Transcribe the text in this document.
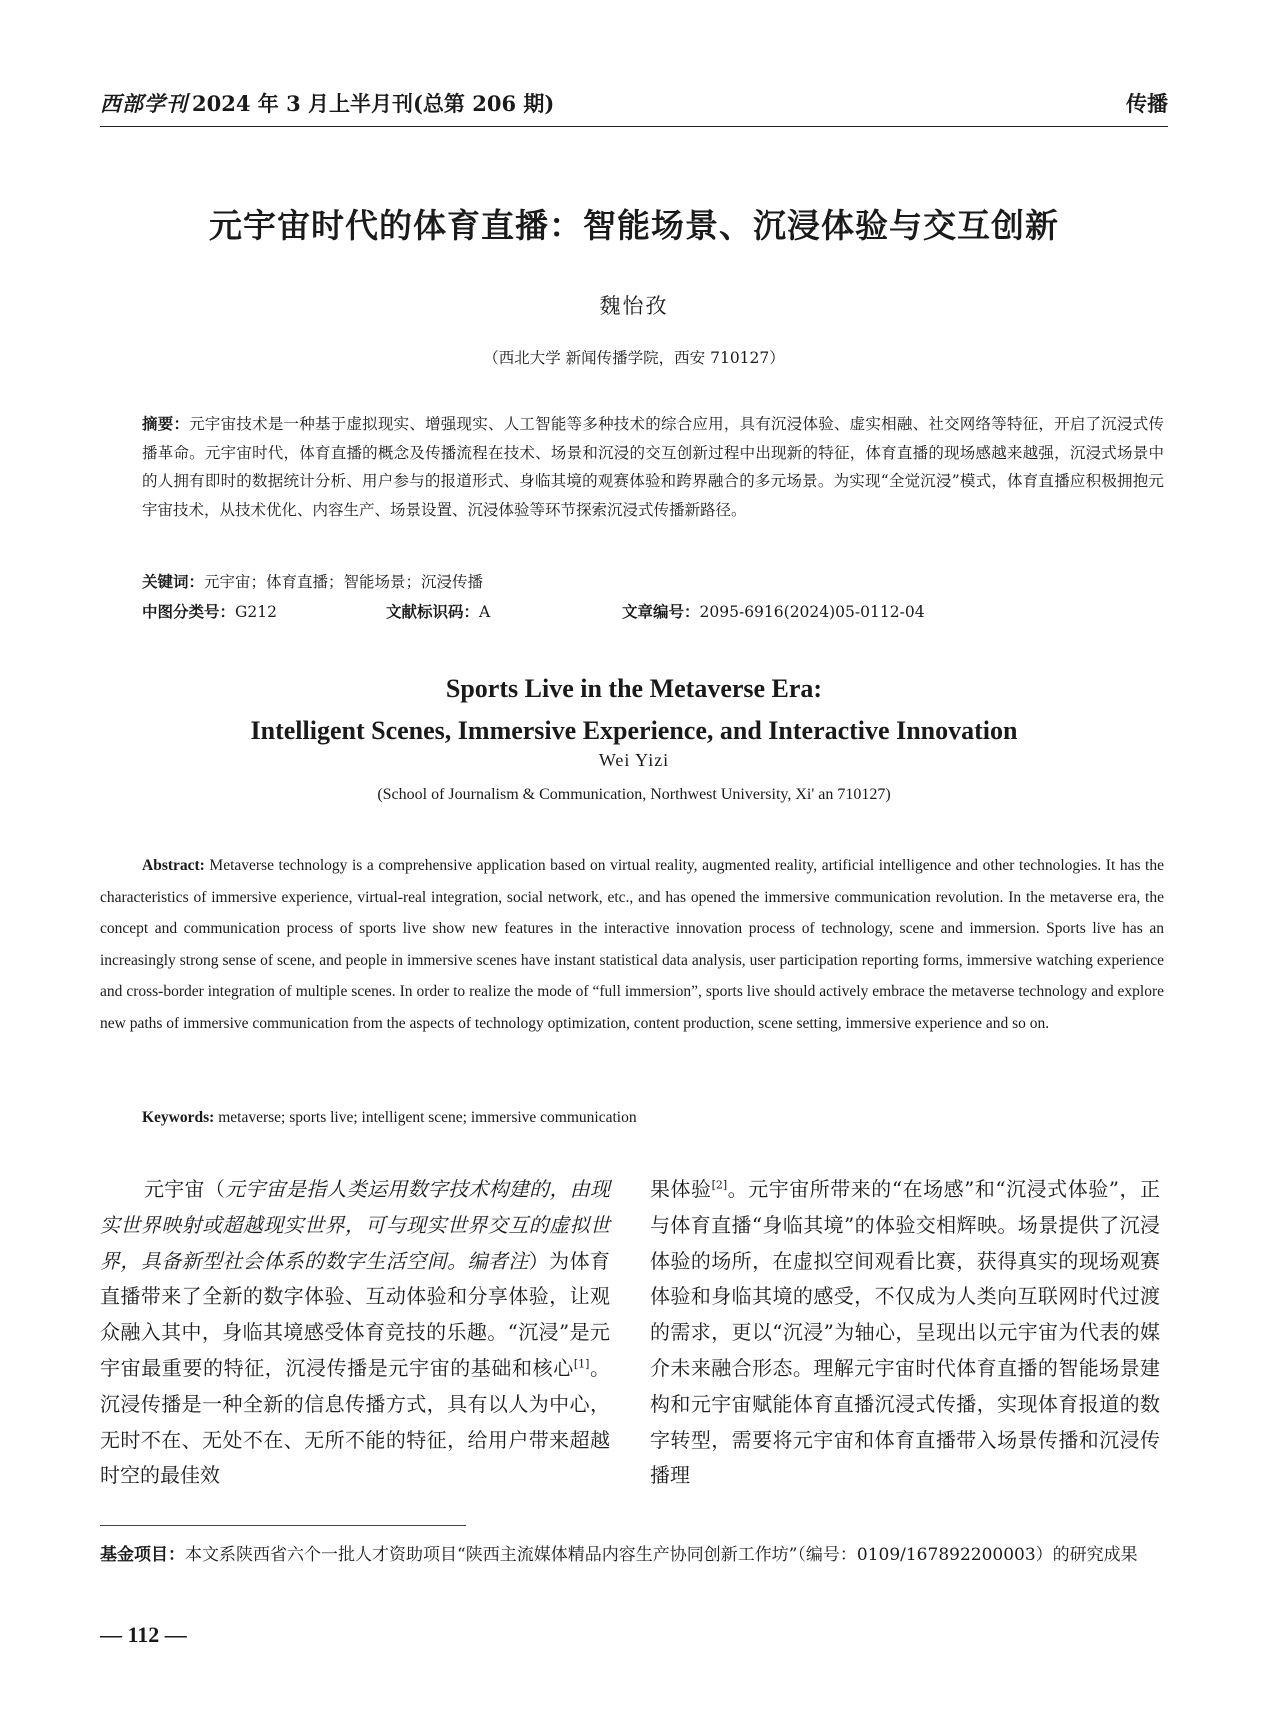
西部学刊 2024 年 3 月上半月刊(总第 206 期)	传播
元宇宙时代的体育直播：智能场景、沉浸体验与交互创新
魏怡孜
（西北大学 新闻传播学院，西安 710127）
摘要：元宇宙技术是一种基于虚拟现实、增强现实、人工智能等多种技术的综合应用，具有沉浸体验、虚实相融、社交网络等特征，开启了沉浸式传播革命。元宇宙时代，体育直播的概念及传播流程在技术、场景和沉浸的交互创新过程中出现新的特征，体育直播的现场感越来越强，沉浸式场景中的人拥有即时的数据统计分析、用户参与的报道形式、身临其境的观赛体验和跨界融合的多元场景。为实现“全觉沉浸”模式，体育直播应积极拥抱元宇宙技术，从技术优化、内容生产、场景设置、沉浸体验等环节探索沉浸式传播新路径。
关键词：元宇宙；体育直播；智能场景；沉浸传播
中图分类号：G212	文献标识码：A	文章编号：2095-6916(2024)05-0112-04
Sports Live in the Metaverse Era:
Intelligent Scenes, Immersive Experience, and Interactive Innovation
Wei Yizi
(School of Journalism & Communication, Northwest University, Xi' an 710127)
Abstract: Metaverse technology is a comprehensive application based on virtual reality, augmented reality, artificial intelligence and other technologies. It has the characteristics of immersive experience, virtual-real integration, social network, etc., and has opened the immersive communication revolution. In the metaverse era, the concept and communication process of sports live show new features in the interactive innovation process of technology, scene and immersion. Sports live has an increasingly strong sense of scene, and people in immersive scenes have instant statistical data analysis, user participation reporting forms, immersive watching experience and cross-border integration of multiple scenes. In order to realize the mode of “full immersion”, sports live should actively embrace the metaverse technology and explore new paths of immersive communication from the aspects of technology optimization, content production, scene setting, immersive experience and so on.
Keywords: metaverse; sports live; intelligent scene; immersive communication
元宇宙（元宇宙是指人类运用数字技术构建的，由现实世界映射或超越现实世界，可与现实世界交互的虚拟世界，具备新型社会体系的数字生活空间。编者注）为体育直播带来了全新的数字体验、互动体验和分享体验，让观众融入其中，身临其境感受体育竞技的乐趣。“沉浸”是元宇宙最重要的特征，沉浸传播是元宇宙的基础和核心[1]。沉浸传播是一种全新的信息传播方式，具有以人为中心，无时不在、无处不在、无所不能的特征，给用户带来超越时空的最佳效
果体验[2]。元宇宙所带来的“在场感”和“沉浸式体验”，正与体育直播“身临其境”的体验交相辉映。场景提供了沉浸体验的场所，在虚拟空间观看比赛，获得真实的现场观赛体验和身临其境的感受，不仅成为人类向互联网时代过渡的需求，更以“沉浸”为轴心，呈现出以元宇宙为代表的媒介未来融合形态。理解元宇宙时代体育直播的智能场景建构和元宇宙赋能体育直播沉浸式传播，实现体育报道的数字转型，需要将元宇宙和体育直播带入场景传播和沉浸传播理
基金项目：本文系陕西省六个一批人才资助项目“陕西主流媒体精品内容生产协同创新工作坊”（编号：0109/167892200003）的研究成果
— 112 —
